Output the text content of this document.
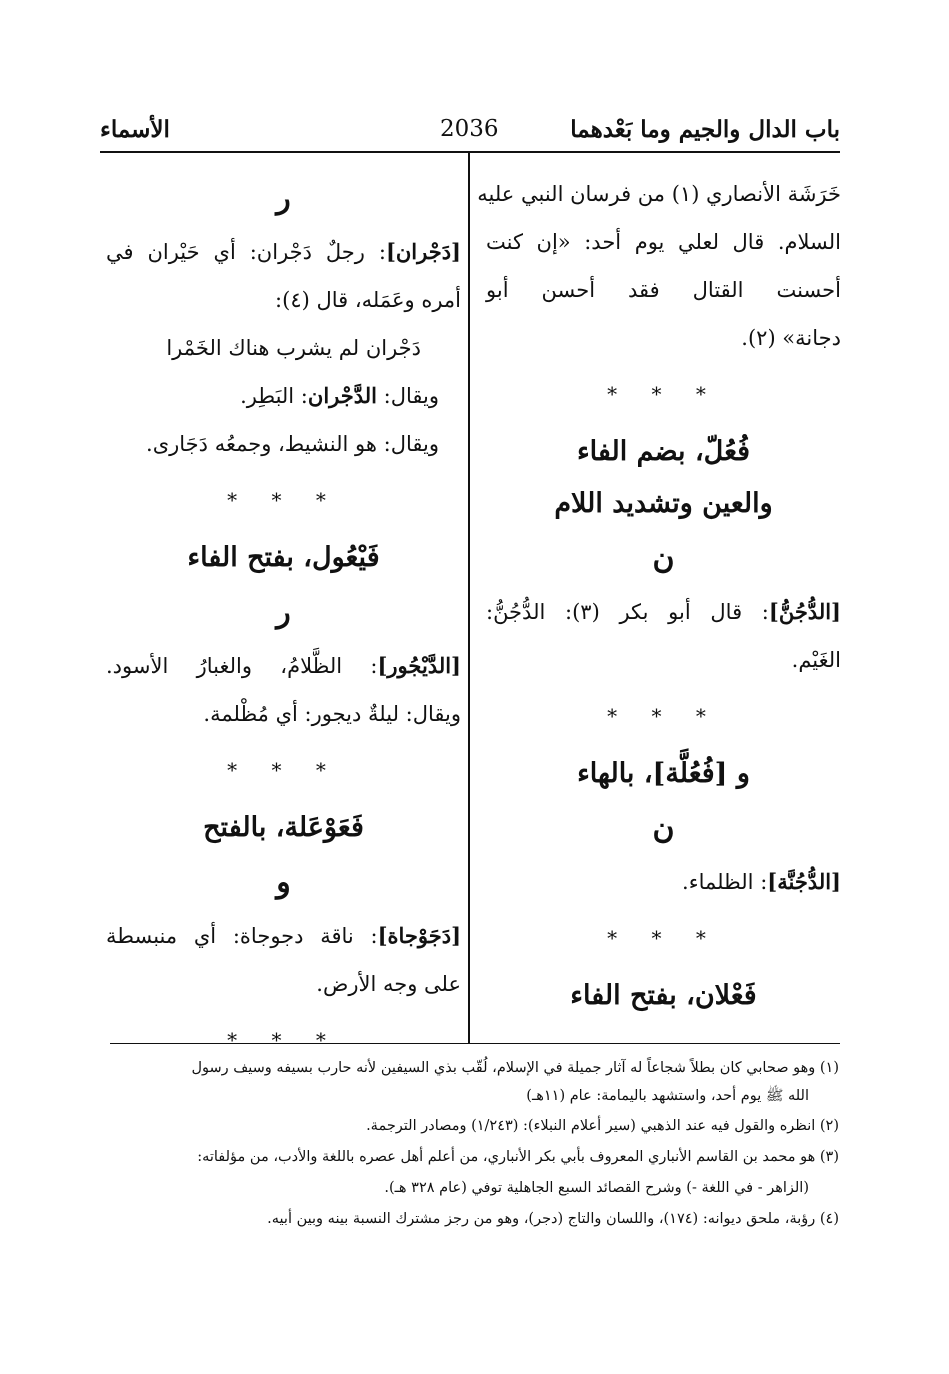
باب الدال والجيم وما بَعْدهما
2036
الأسماء
خَرَشَة الأنصاري (١) من فرسان النبي عليه
السلام. قال لعلي يوم أحد: «إن كنت
أحسنت القتال فقد أحسن أبو
دجانة» (٢).
* * *
فُعُلّ، بضم الفاء
والعين وتشديد اللام
ن
[الدُّجُنُّ]: قال أبو بكر (٣): الدُّجُنُّ:
الغَيْم.
* * *
و [فُعُلَّة]، بالهاء
ن
[الدُّجُنَّة]: الظلماء.
* * *
فَعْلان، بفتح الفاء
ر
[دَجْران]: رجلٌ دَجْران: أي حَيْران في
أمره وعَمَله، قال (٤):
دَجْران لم يشرب هناك الخَمْرا
ويقال: الدَّجْران: البَطِر.
ويقال: هو النشيط، وجمعُه دَجَارى.
* * *
فَيْعُول، بفتح الفاء
ر
[الدَّيْجُور]: الظَّلامُ، والغبارُ الأسود.
ويقال: ليلةٌ ديجور: أي مُظْلمة.
* * *
فَعَوْعَلة، بالفتح
و
[دَجَوْجاة]: ناقة دجوجاة: أي منبسطة
على وجه الأرض.
* * *
(١) وهو صحابي كان بطلاً شجاعاً له آثار جميلة في الإسلام، لُقّب بذي السيفين لأنه حارب بسيفه وسيف رسول
الله ﷺ يوم أحد، واستشهد باليمامة: عام (١١هـ)
(٢) انظره والقول فيه عند الذهبي (سير أعلام النبلاء): (١/٢٤٣) ومصادر الترجمة.
(٣) هو محمد بن القاسم الأنباري المعروف بأبي بكر الأنباري، من أعلم أهل عصره باللغة والأدب، من مؤلفاته:
(الزاهر - في اللغة -) وشرح القصائد السبع الجاهلية توفي (عام ٣٢٨ هـ).
(٤) رؤبة، ملحق ديوانه: (١٧٤)، واللسان والتاج (دجر)، وهو من رجز مشترك النسبة بينه وبين أبيه.
